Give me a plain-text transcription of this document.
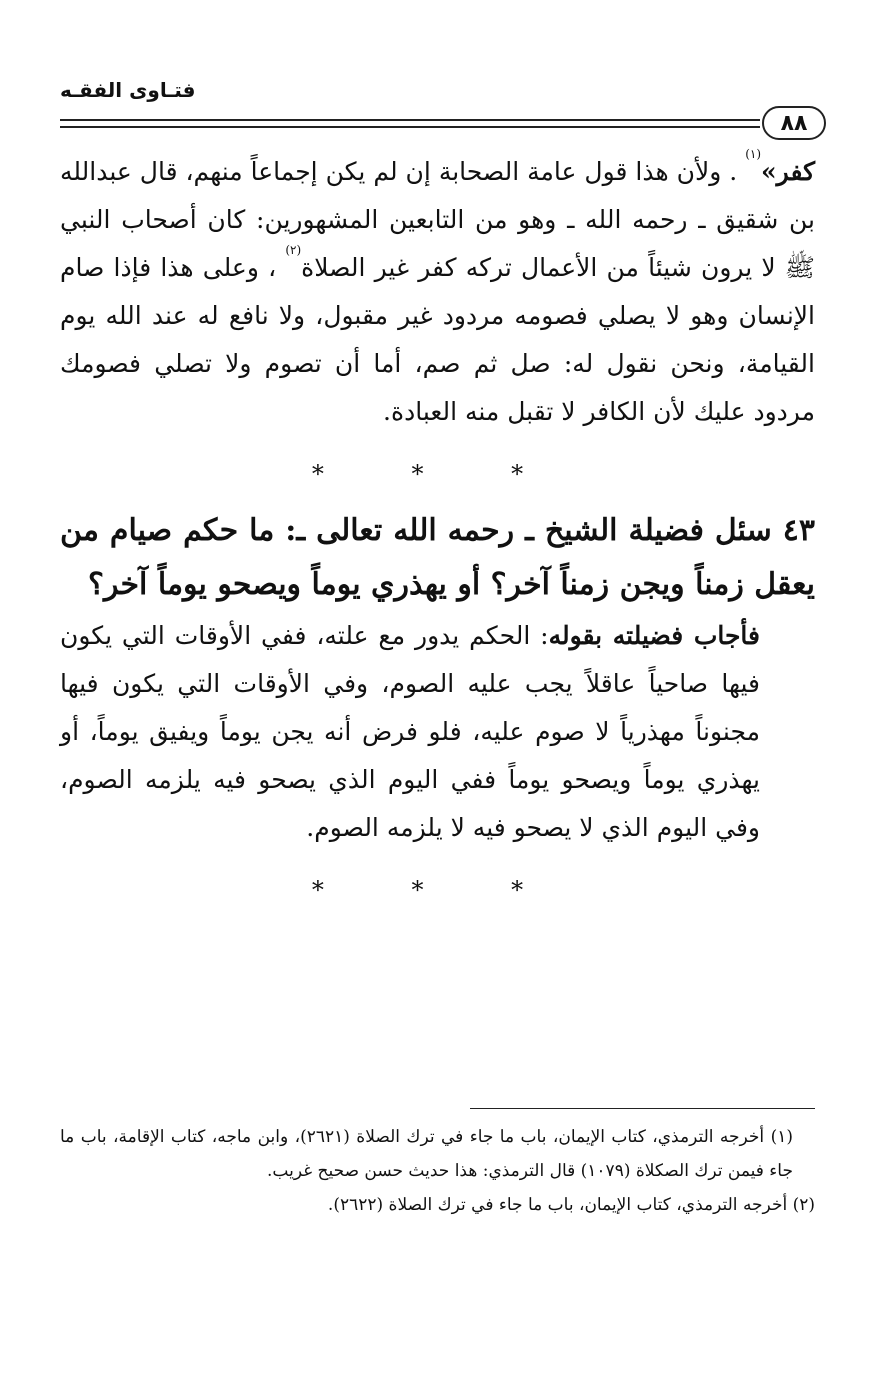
فتـاوى الفقـه
٨٨

كفر»$^{(١)}$ . ولأن هذا قول عامة الصحابة إن لم يكن إجماعاً منهم، قال عبدالله بن شقيق ـ رحمه الله ـ وهو من التابعين المشهورين: كان أصحاب النبي ﷺ لا يرون شيئاً من الأعمال تركه كفر غير الصلاة$^{(٢)}$ ، وعلى هذا فإذا صام الإنسان وهو لا يصلي فصومه مردود غير مقبول، ولا نافع له عند الله يوم القيامة، ونحن نقول له: صل ثم صم، أما أن تصوم ولا تصلي فصومك مردود عليك لأن الكافر لا تقبل منه العبادة.

* * *

٤٣ سئل فضيلة الشيخ ـ رحمه الله تعالى ـ: ما حكم صيام من يعقل زمناً ويجن زمناً آخر؟ أو يهذري يوماً ويصحو يوماً آخر؟

فأجاب فضيلته بقوله: الحكم يدور مع علته، ففي الأوقات التي يكون فيها صاحياً عاقلاً يجب عليه الصوم، وفي الأوقات التي يكون فيها مجنوناً مهذرياً لا صوم عليه، فلو فرض أنه يجن يوماً ويفيق يوماً، أو يهذري يوماً ويصحو يوماً ففي اليوم الذي يصحو فيه يلزمه الصوم، وفي اليوم الذي لا يصحو فيه لا يلزمه الصوم.

* * *

(١) أخرجه الترمذي، كتاب الإيمان، باب ما جاء في ترك الصلاة (٢٦٢١)، وابن ماجه، كتاب الإقامة، باب ما جاء فيمن ترك الصكلاة (١٠٧٩) قال الترمذي: هذا حديث حسن صحيح غريب.

(٢) أخرجه الترمذي، كتاب الإيمان، باب ما جاء في ترك الصلاة (٢٦٢٢).
